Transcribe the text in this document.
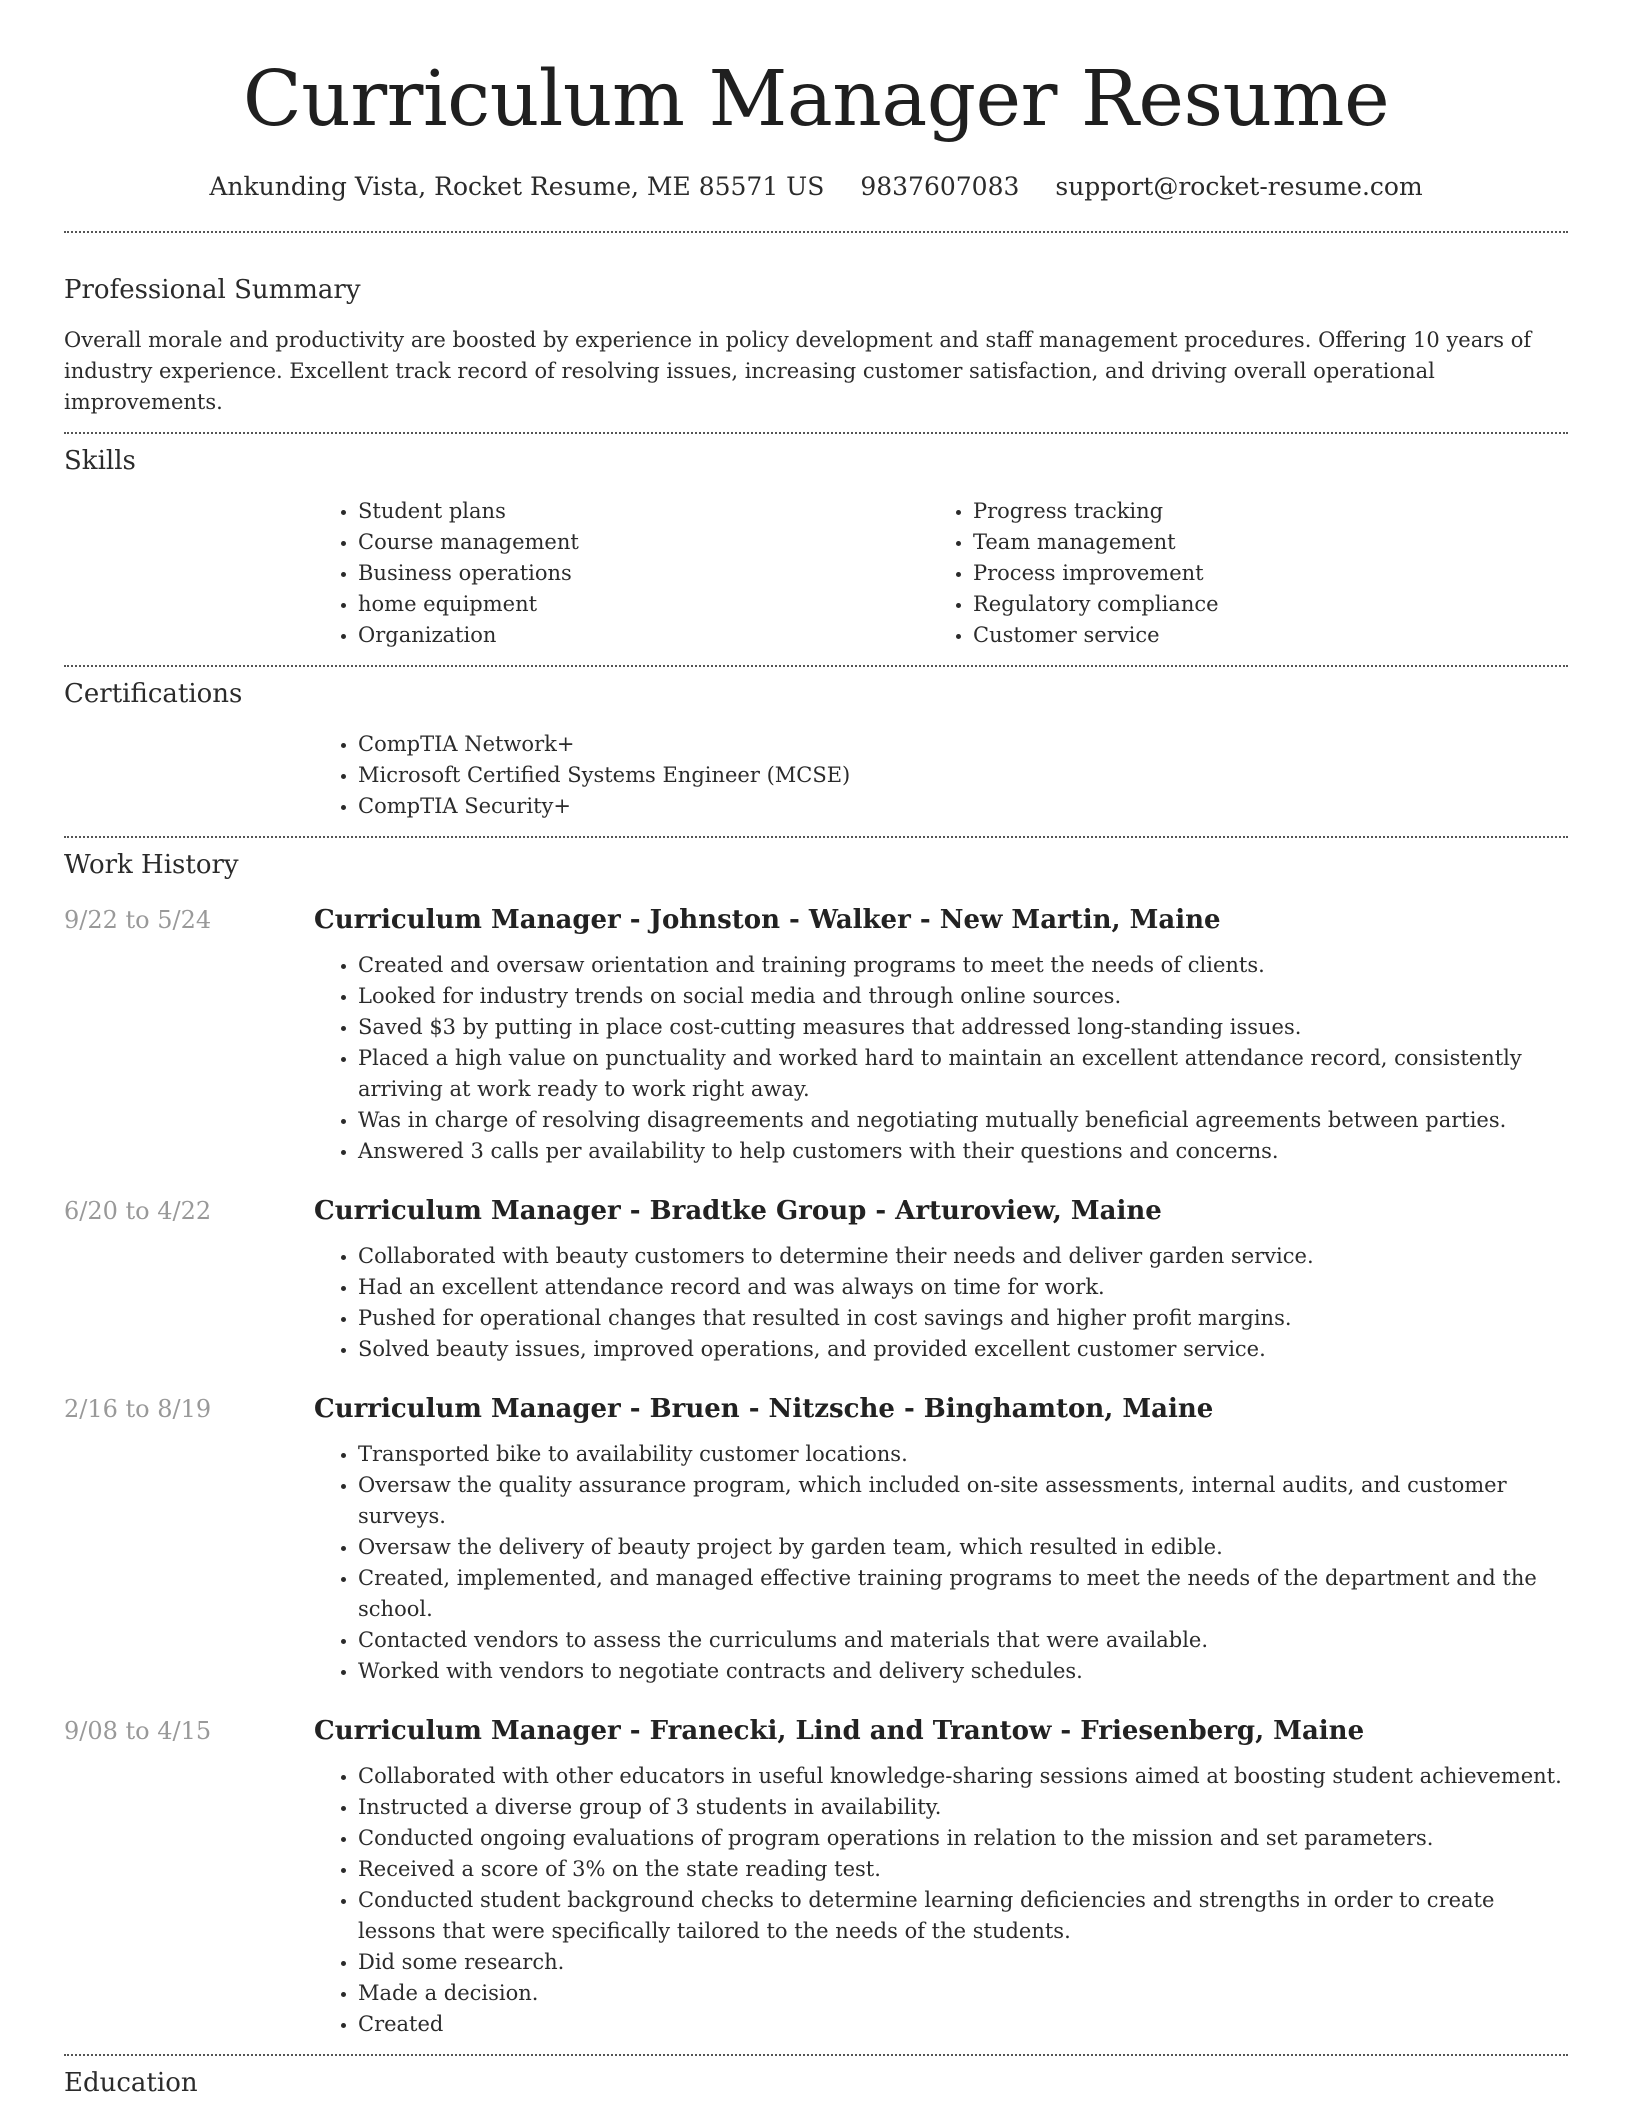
Curriculum Manager Resume
Ankunding Vista, Rocket Resume, ME 85571 US 9837607083 support@rocket-resume.com
Professional Summary

Overall morale and productivity are boosted by experience in policy development and staff management procedures. Offering 10 years of industry experience. Excellent track record of resolving issues, increasing customer satisfaction, and driving overall operational improvements.

Skills
• Student plans
• Course management
• Business operations
• home equipment
• Organization
• Progress tracking
• Team management
• Process improvement
• Regulatory compliance
• Customer service
Certifications
• CompTIA Network+
• Microsoft Certified Systems Engineer (MCSE)
• CompTIA Security+
Work History
9/22 to 5/24	Curriculum Manager - Johnston - Walker - New Martin, Maine
• Created and oversaw orientation and training programs to meet the needs of clients.
• Looked for industry trends on social media and through online sources.
• Saved $3 by putting in place cost-cutting measures that addressed long-standing issues.
• Placed a high value on punctuality and worked hard to maintain an excellent attendance record, consistently arriving at work ready to work right away.
• Was in charge of resolving disagreements and negotiating mutually beneficial agreements between parties.
• Answered 3 calls per availability to help customers with their questions and concerns.
6/20 to 4/22	Curriculum Manager - Bradtke Group - Arturoview, Maine
• Collaborated with beauty customers to determine their needs and deliver garden service.
• Had an excellent attendance record and was always on time for work.
• Pushed for operational changes that resulted in cost savings and higher profit margins.
• Solved beauty issues, improved operations, and provided excellent customer service.
2/16 to 8/19	Curriculum Manager - Bruen - Nitzsche - Binghamton, Maine
• Transported bike to availability customer locations.
• Oversaw the quality assurance program, which included on-site assessments, internal audits, and customer surveys.
• Oversaw the delivery of beauty project by garden team, which resulted in edible.
• Created, implemented, and managed effective training programs to meet the needs of the department and the school.
• Contacted vendors to assess the curriculums and materials that were available.
• Worked with vendors to negotiate contracts and delivery schedules.
9/08 to 4/15	Curriculum Manager - Franecki, Lind and Trantow - Friesenberg, Maine
• Collaborated with other educators in useful knowledge-sharing sessions aimed at boosting student achievement.
• Instructed a diverse group of 3 students in availability.
• Conducted ongoing evaluations of program operations in relation to the mission and set parameters.
• Received a score of 3% on the state reading test.
• Conducted student background checks to determine learning deficiencies and strengths in order to create lessons that were specifically tailored to the needs of the students.
• Did some research.
• Made a decision.
• Created
Education
